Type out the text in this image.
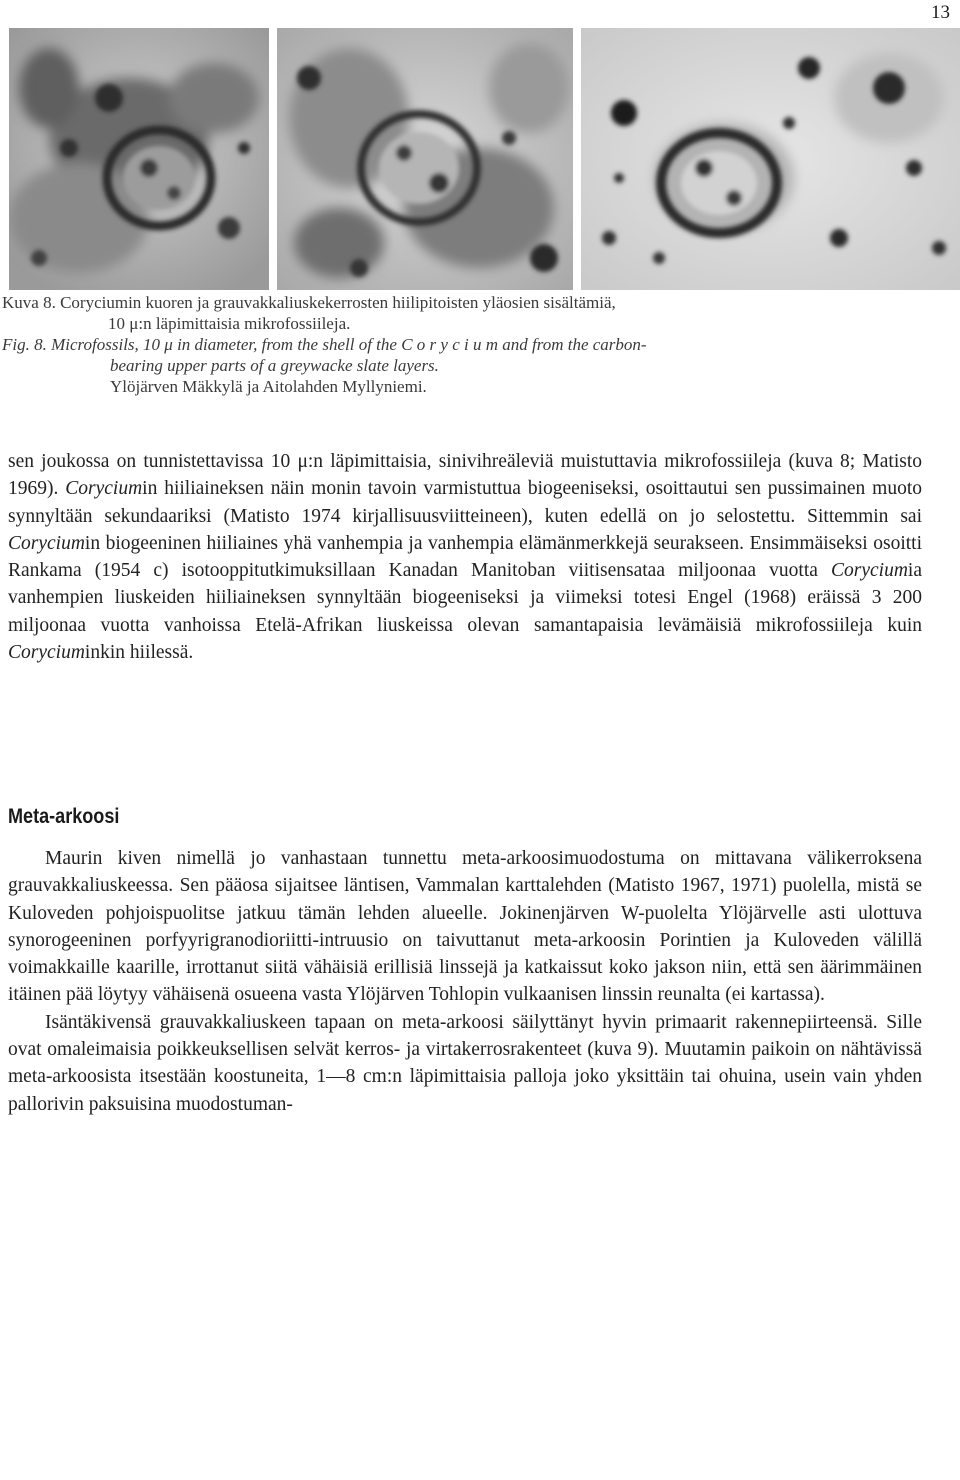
13
Kuva 8. Coryciumin kuoren ja grauvakkaliuskekerrosten hiilipitoisten yläosien sisältämiä,
10 μ:n läpimittaisia mikrofossiileja.
Fig. 8. Microfossils, 10 μ in diameter, from the shell of the C o r y c i u m and from the carbon-
bearing upper parts of a greywacke slate layers.
Ylöjärven Mäkkylä ja Aitolahden Myllyniemi.

sen joukossa on tunnistettavissa 10 μ:n läpimittaisia, sinivihreäleviä muistuttavia mikrofossiileja (kuva 8; Matisto 1969). Coryciumin hiiliaineksen näin monin tavoin varmistuttua biogeeniseksi, osoittautui sen pussimainen muoto synnyltään sekundaariksi (Matisto 1974 kirjallisuusviitteineen), kuten edellä on jo selostettu. Sittemmin sai Coryciumin biogeeninen hiiliaines yhä vanhempia ja vanhempia elämänmerkkejä seurakseen. Ensimmäiseksi osoitti Rankama (1954 c) isotooppitutkimuksillaan Kanadan Manitoban viitisensataa miljoonaa vuotta Coryciumia vanhempien liuskeiden hiiliaineksen synnyltään biogeeniseksi ja viimeksi totesi Engel (1968) eräissä 3 200 miljoonaa vuotta vanhoissa Etelä-Afrikan liuskeissa olevan samantapaisia levämäisiä mikrofossiileja kuin Coryciuminkin hiilessä.

Meta-arkoosi

Maurin kiven nimellä jo vanhastaan tunnettu meta-arkoosimuodostuma on mittavana välikerroksena grauvakkaliuskeessa. Sen pääosa sijaitsee läntisen, Vammalan karttalehden (Matisto 1967, 1971) puolella, mistä se Kuloveden pohjoispuolitse jatkuu tämän lehden alueelle. Jokinenjärven W-puolelta Ylöjärvelle asti ulottuva synorogeeninen porfyyrigranodioriitti-intruusio on taivuttanut meta-arkoosin Porintien ja Kuloveden välillä voimakkaille kaarille, irrottanut siitä vähäisiä erillisiä linssejä ja katkaissut koko jakson niin, että sen äärimmäinen itäinen pää löytyy vähäisenä osueena vasta Ylöjärven Tohlopin vulkaanisen linssin reunalta (ei kartassa).

Isäntäkivensä grauvakkaliuskeen tapaan on meta-arkoosi säilyttänyt hyvin primaarit rakennepiirteensä. Sille ovat omaleimaisia poikkeuksellisen selvät kerros- ja virtakerrosrakenteet (kuva 9). Muutamin paikoin on nähtävissä meta-arkoosista itsestään koostuneita, 1—8 cm:n läpimittaisia palloja joko yksittäin tai ohuina, usein vain yhden pallorivin paksuisina muodostuman-
